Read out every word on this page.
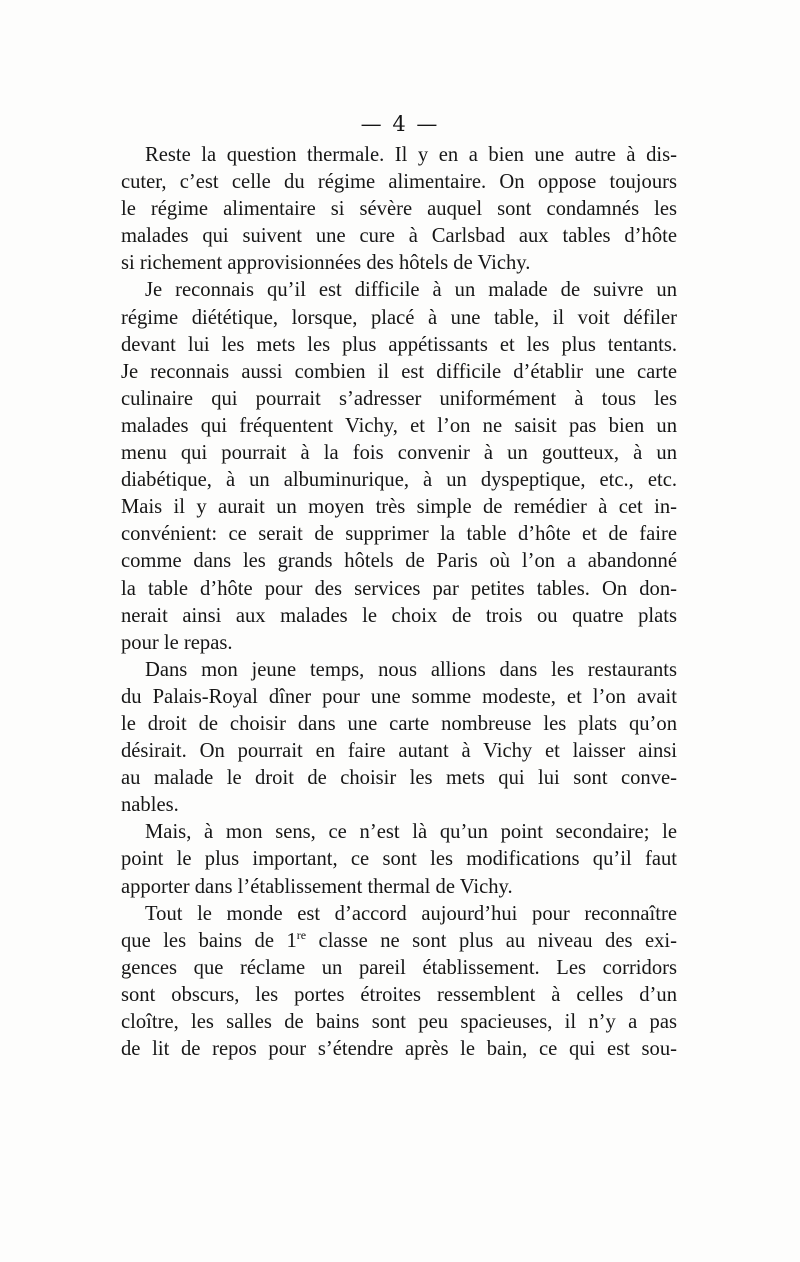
— 4 —
Reste la question thermale. Il y en a bien une autre à dis-
cuter, c’est celle du régime alimentaire. On oppose toujours
le régime alimentaire si sévère auquel sont condamnés les
malades qui suivent une cure à Carlsbad aux tables d’hôte
si richement approvisionnées des hôtels de Vichy.
Je reconnais qu’il est difficile à un malade de suivre un
régime diététique, lorsque, placé à une table, il voit défiler
devant lui les mets les plus appétissants et les plus tentants.
Je reconnais aussi combien il est difficile d’établir une carte
culinaire qui pourrait s’adresser uniformément à tous les
malades qui fréquentent Vichy, et l’on ne saisit pas bien un
menu qui pourrait à la fois convenir à un goutteux, à un
diabétique, à un albuminurique, à un dyspeptique, etc., etc.
Mais il y aurait un moyen très simple de remédier à cet in-
convénient: ce serait de supprimer la table d’hôte et de faire
comme dans les grands hôtels de Paris où l’on a abandonné
la table d’hôte pour des services par petites tables. On don-
nerait ainsi aux malades le choix de trois ou quatre plats
pour le repas.
Dans mon jeune temps, nous allions dans les restaurants
du Palais-Royal dîner pour une somme modeste, et l’on avait
le droit de choisir dans une carte nombreuse les plats qu’on
désirait. On pourrait en faire autant à Vichy et laisser ainsi
au malade le droit de choisir les mets qui lui sont conve-
nables.
Mais, à mon sens, ce n’est là qu’un point secondaire; le
point le plus important, ce sont les modifications qu’il faut
apporter dans l’établissement thermal de Vichy.
Tout le monde est d’accord aujourd’hui pour reconnaître
que les bains de 1re classe ne sont plus au niveau des exi-
gences que réclame un pareil établissement. Les corridors
sont obscurs, les portes étroites ressemblent à celles d’un
cloître, les salles de bains sont peu spacieuses, il n’y a pas
de lit de repos pour s’étendre après le bain, ce qui est sou-
